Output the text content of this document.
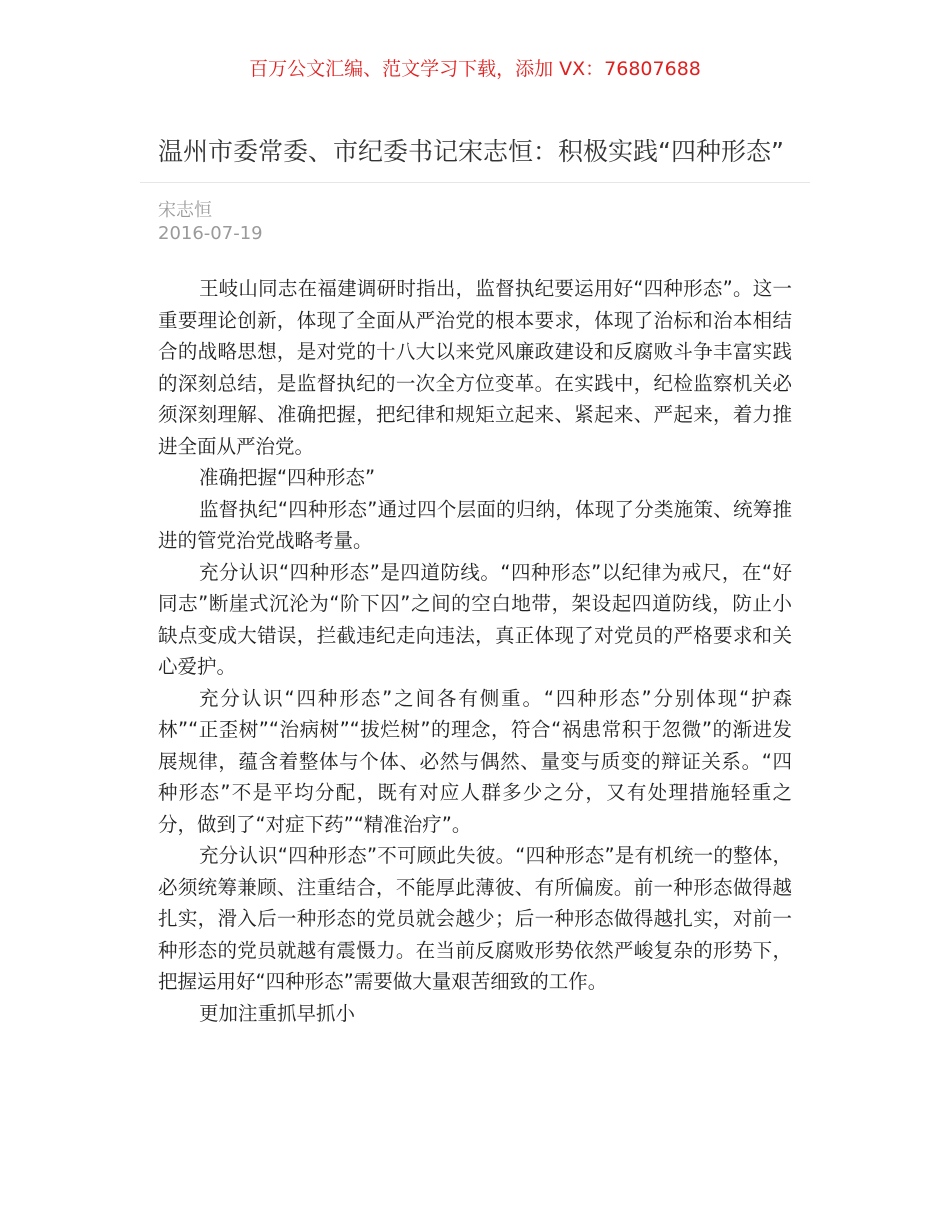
百万公文汇编、范文学习下载，添加 VX：76807688
温州市委常委、市纪委书记宋志恒：积极实践“四种形态”
宋志恒
2016-07-19

王岐山同志在福建调研时指出，监督执纪要运用好“四种形态”。这一重要理论创新，体现了全面从严治党的根本要求，体现了治标和治本相结合的战略思想，是对党的十八大以来党风廉政建设和反腐败斗争丰富实践的深刻总结，是监督执纪的一次全方位变革。在实践中，纪检监察机关必须深刻理解、准确把握，把纪律和规矩立起来、紧起来、严起来，着力推进全面从严治党。

准确把握“四种形态”

监督执纪“四种形态”通过四个层面的归纳，体现了分类施策、统筹推进的管党治党战略考量。

充分认识“四种形态”是四道防线。“四种形态”以纪律为戒尺，在“好同志”断崖式沉沦为“阶下囚”之间的空白地带，架设起四道防线，防止小缺点变成大错误，拦截违纪走向违法，真正体现了对党员的严格要求和关心爱护。

充分认识“四种形态”之间各有侧重。“四种形态”分别体现“护森林”“正歪树”“治病树”“拔烂树”的理念，符合“祸患常积于忽微”的渐进发展规律，蕴含着整体与个体、必然与偶然、量变与质变的辩证关系。“四种形态”不是平均分配，既有对应人群多少之分，又有处理措施轻重之分，做到了“对症下药”“精准治疗”。

充分认识“四种形态”不可顾此失彼。“四种形态”是有机统一的整体，必须统筹兼顾、注重结合，不能厚此薄彼、有所偏废。前一种形态做得越扎实，滑入后一种形态的党员就会越少；后一种形态做得越扎实，对前一种形态的党员就越有震慑力。在当前反腐败形势依然严峻复杂的形势下，把握运用好“四种形态”需要做大量艰苦细致的工作。

更加注重抓早抓小
